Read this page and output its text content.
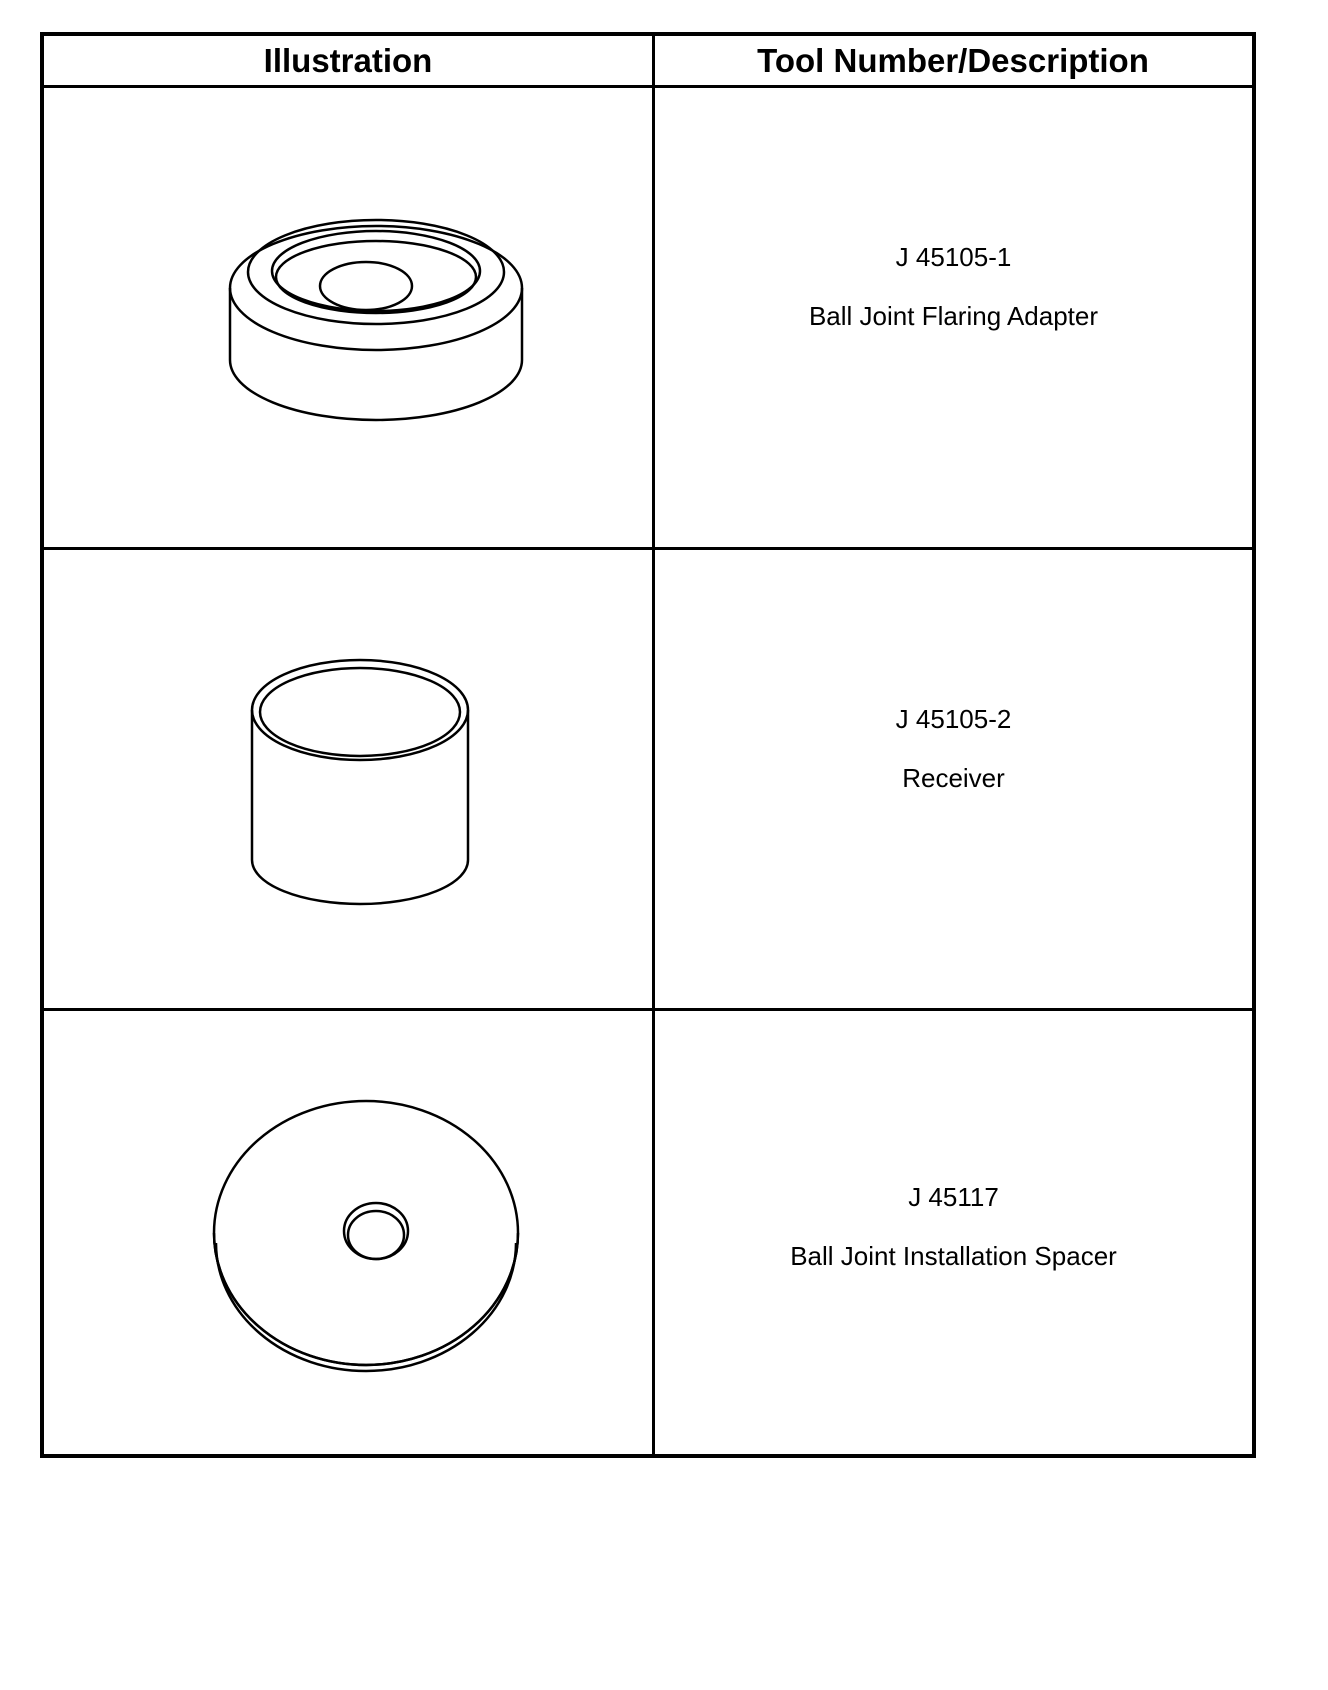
Illustration	Tool Number/Description
J 45105-1
Ball Joint Flaring Adapter
J 45105-2
Receiver
J 45117
Ball Joint Installation Spacer
